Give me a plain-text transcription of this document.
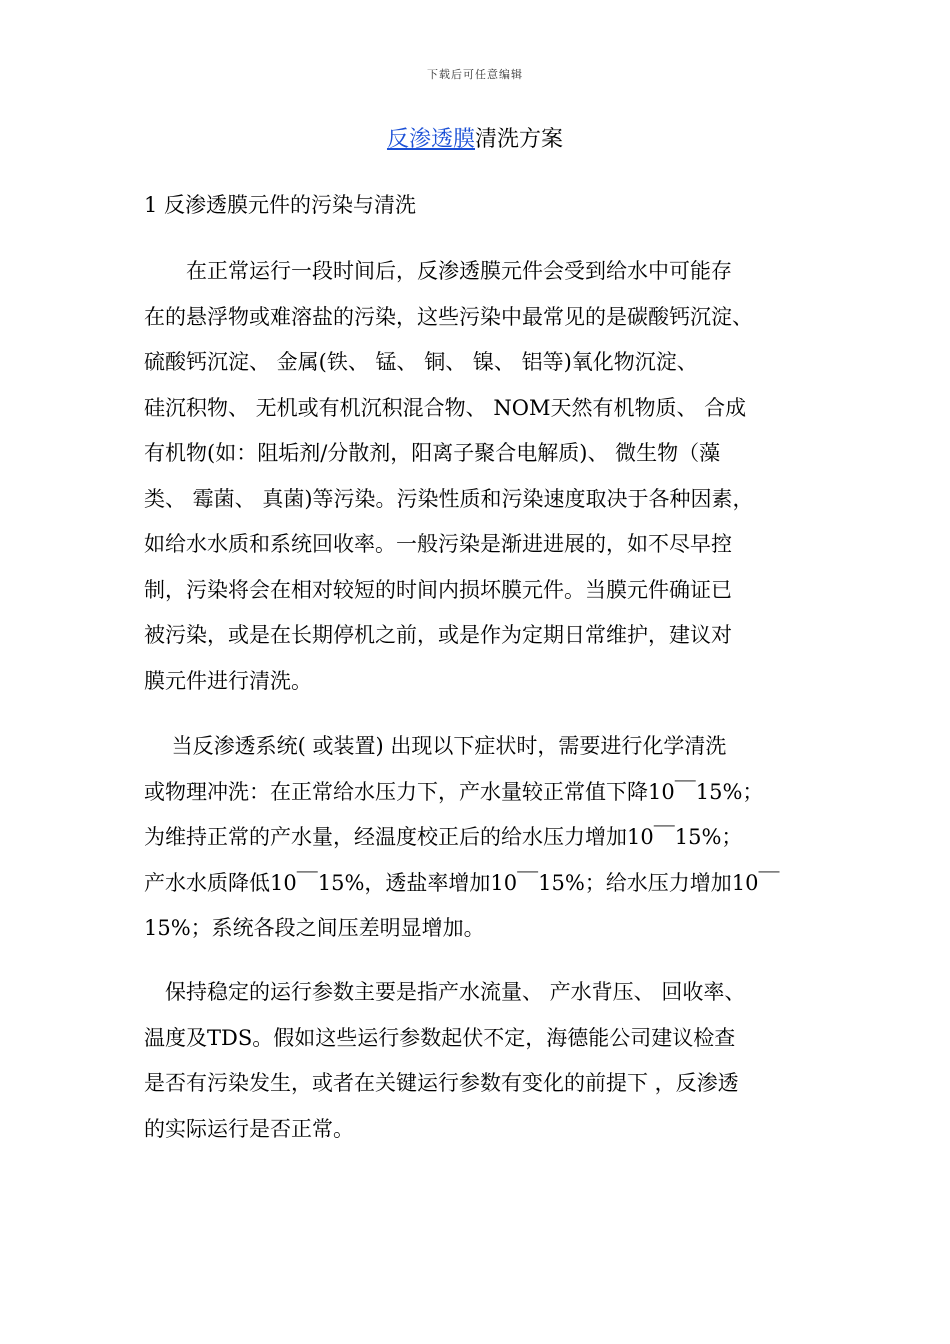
下载后可任意编辑
反渗透膜清洗方案
1 反渗透膜元件的污染与清洗

　　在正常运行一段时间后，反渗透膜元件会受到给水中可能存
在的悬浮物或难溶盐的污染，这些污染中最常见的是碳酸钙沉淀、
硫酸钙沉淀、 金属(铁、 锰、 铜、 镍、 铝等)氧化物沉淀、
硅沉积物、 无机或有机沉积混合物、 NOM天然有机物质、 合成
有机物(如：阻垢剂/分散剂，阳离子聚合电解质)、 微生物（藻
类、 霉菌、 真菌)等污染。污染性质和污染速度取决于各种因素，
如给水水质和系统回收率。一般污染是渐进进展的，如不尽早控
制，污染将会在相对较短的时间内损坏膜元件。当膜元件确证已
被污染，或是在长期停机之前，或是作为定期日常维护，建议对
膜元件进行清洗。

　 当反渗透系统( 或装置) 出现以下症状时，需要进行化学清洗
或物理冲洗：在正常给水压力下，产水量较正常值下降10￣15%；
为维持正常的产水量，经温度校正后的给水压力增加10￣15%；
产水水质降低10￣15%，透盐率增加10￣15%；给水压力增加10￣
15%；系统各段之间压差明显增加。

　保持稳定的运行参数主要是指产水流量、 产水背压、 回收率、
温度及TDS。假如这些运行参数起伏不定，海德能公司建议检查
是否有污染发生，或者在关键运行参数有变化的前提下 ，反渗透
的实际运行是否正常。
